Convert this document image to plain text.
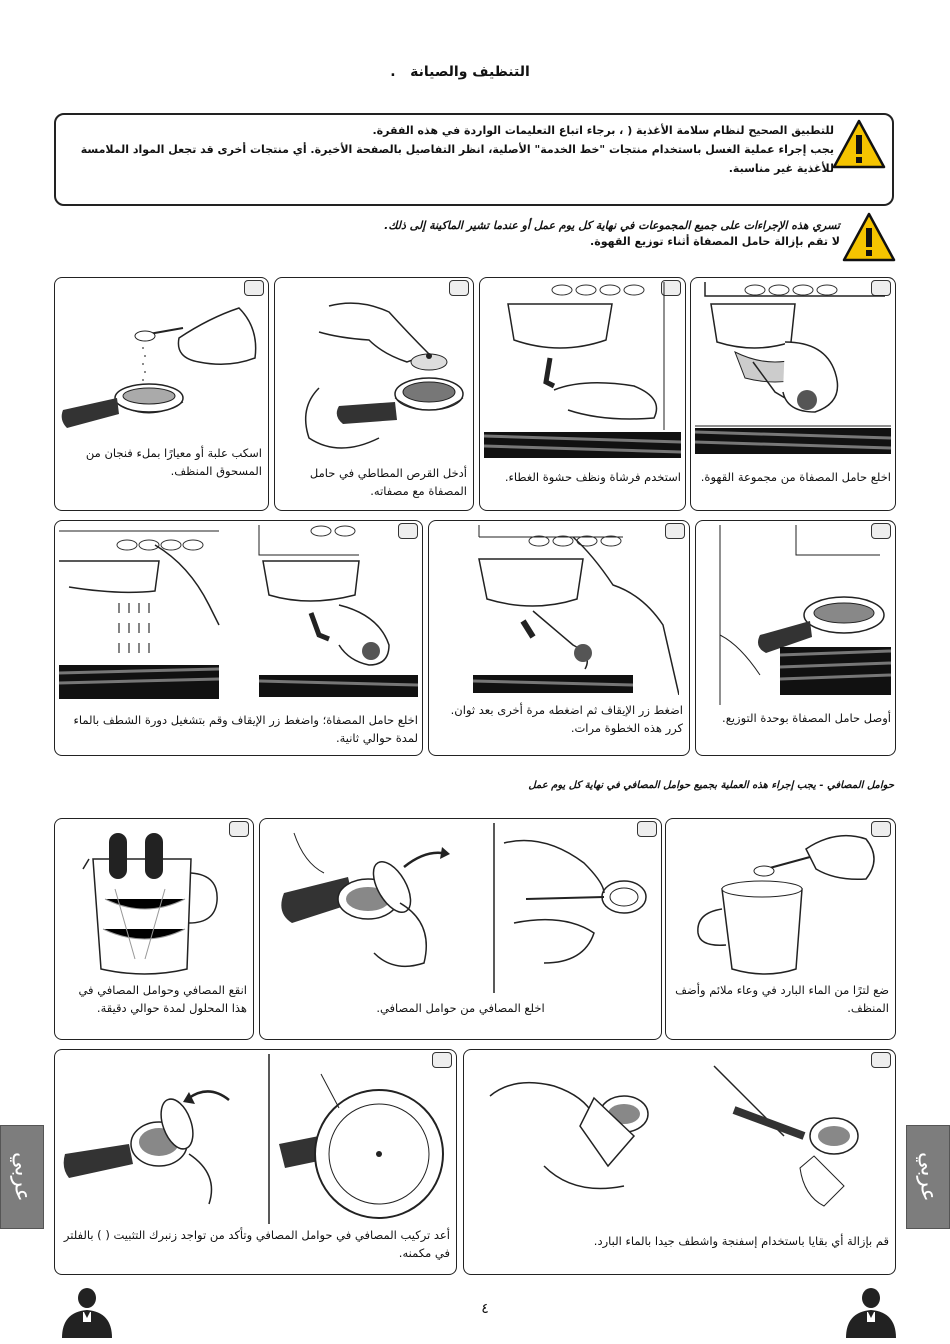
التنظيف والصيانة   .
للتطبيق الصحيح لنظام سلامة الأغذية ( ، برجاء اتباع التعليمات الواردة في هذه الفقرة.
يجب إجراء عملية الغسل باستخدام منتجات "خط الخدمة" الأصلية، انظر التفاصيل بالصفحة الأخيرة. أي منتجات أخرى قد تجعل المواد الملامسة للأغذية غير مناسبة.
تسري هذه الإجراءات على جميع المجموعات في نهاية كل يوم عمل أو عندما تشير الماكينة إلى ذلك.
لا تقم بإزالة حامل المصفاة أثناء توزيع القهوة.
اخلع حامل المصفاة من مجموعة القهوة.
استخدم فرشاة ونظف حشوة الغطاء.
أدخل القرص المطاطي في حامل المصفاة مع مصفاته.
اسكب علبة أو معيارًا بملء فنجان من المسحوق المنظف.
أوصل حامل المصفاة بوحدة التوزيع.
اضغط زر الإيقاف ثم اضغطه مرة أخرى بعد ثوان. كرر هذه الخطوة مرات.
اخلع حامل المصفاة؛ واضغط زر الإيقاف وقم بتشغيل دورة الشطف بالماء لمدة حوالي ثانية.
حوامل المصافي - يجب إجراء هذه العملية بجميع حوامل المصافي في نهاية كل يوم عمل
ضع لترًا من الماء البارد في وعاء ملائم وأضف المنظف.
اخلع المصافي من حوامل المصافي.
انقع المصافي وحوامل المصافي في هذا المحلول لمدة حوالي دقيقة.
قم بإزالة أي بقايا باستخدام إسفنجة واشطف جيدا بالماء البارد.
أعد تركيب المصافي في حوامل المصافي وتأكد من تواجد زنبرك التثبيت ( ) بالفلتر في مكمنه.
عربي	عربي
٤
